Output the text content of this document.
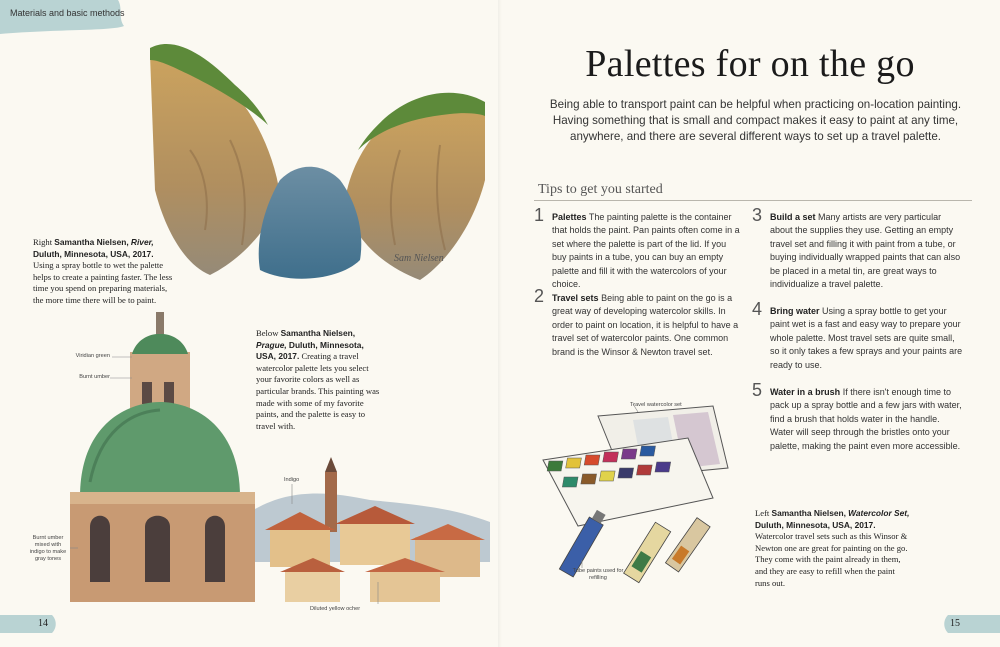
Materials and basic methods
Sam Nielsen
Right Samantha Nielsen, River, Duluth, Minnesota, USA, 2017. Using a spray bottle to wet the palette helps to create a painting faster. The less time you spend on preparing materials, the more time there will be to paint.
Below Samantha Nielsen, Prague, Duluth, Minnesota, USA, 2017. Creating a travel watercolor palette lets you select your favorite colors as well as particular brands. This painting was made with some of my favorite paints, and the palette is easy to travel with.
Viridian green
Burnt umber
Indigo
Burnt umber mixed with indigo to make gray tones
Diluted yellow ocher
14
Palettes for on the go
Being able to transport paint can be helpful when practicing on-location painting. Having something that is small and compact makes it easy to paint at any time, anywhere, and there are several different ways to set up a travel palette.
Tips to get you started
1 Palettes The painting palette is the container that holds the paint. Pan paints often come in a set where the palette is part of the lid. If you buy paints in a tube, you can buy an empty palette and fill it with the watercolors of your choice.
2 Travel sets Being able to paint on the go is a great way of developing watercolor skills. In order to paint on location, it is helpful to have a travel set of watercolor paints. One common brand is the Winsor & Newton travel set.
3 Build a set Many artists are very particular about the supplies they use. Getting an empty travel set and filling it with paint from a tube, or buying individually wrapped paints that can also be placed in a metal tin, are great ways to individualize a travel palette.
4 Bring water Using a spray bottle to get your paint wet is a fast and easy way to prepare your whole palette. Most travel sets are quite small, so it only takes a few sprays and your paints are ready to use.
5 Water in a brush If there isn't enough time to pack up a spray bottle and a few jars with water, find a brush that holds water in the handle. Water will seep through the bristles onto your palette, making the paint even more accessible.
Travel watercolor set
Tube paints used for refilling
Left Samantha Nielsen, Watercolor Set, Duluth, Minnesota, USA, 2017. Watercolor travel sets such as this Winsor & Newton one are great for painting on the go. They come with the paint already in them, and they are easy to refill when the paint runs out.
15
